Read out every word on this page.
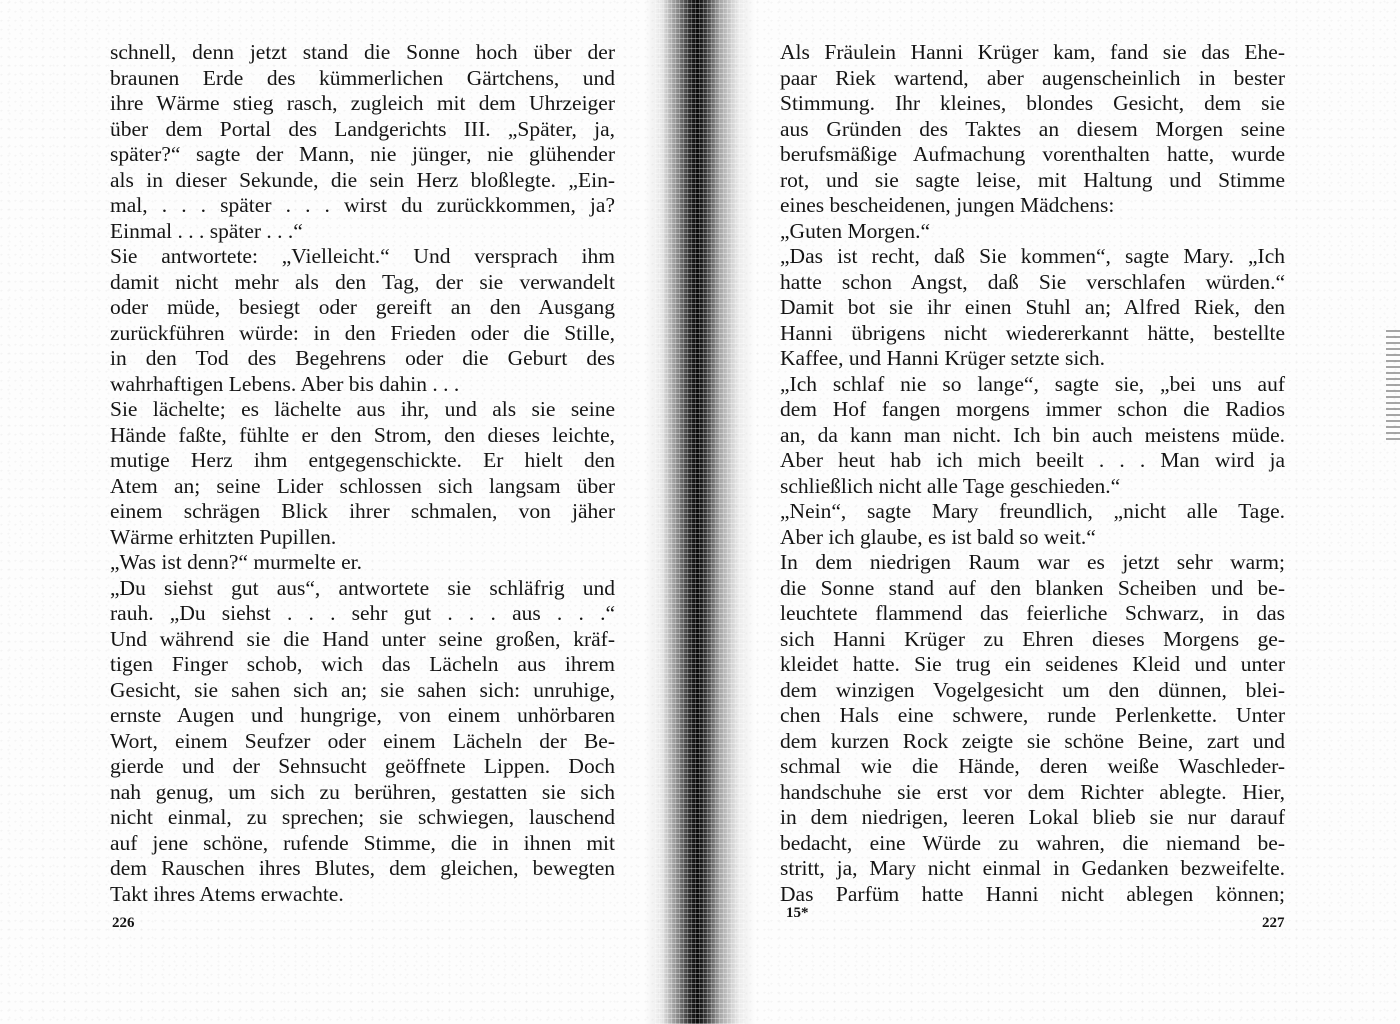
schnell, denn jetzt stand die Sonne hoch über der
braunen Erde des kümmerlichen Gärtchens, und
ihre Wärme stieg rasch, zugleich mit dem Uhrzeiger
über dem Portal des Landgerichts III. „Später, ja,
später?“ sagte der Mann, nie jünger, nie glühender
als in dieser Sekunde, die sein Herz bloßlegte. „Ein-
mal, . . . später . . . wirst du zurückkommen, ja?
Einmal . . . später . . .“
Sie antwortete: „Vielleicht.“ Und versprach ihm
damit nicht mehr als den Tag, der sie verwandelt
oder müde, besiegt oder gereift an den Ausgang
zurückführen würde: in den Frieden oder die Stille,
in den Tod des Begehrens oder die Geburt des
wahrhaftigen Lebens. Aber bis dahin . . .
Sie lächelte; es lächelte aus ihr, und als sie seine
Hände faßte, fühlte er den Strom, den dieses leichte,
mutige Herz ihm entgegenschickte. Er hielt den
Atem an; seine Lider schlossen sich langsam über
einem schrägen Blick ihrer schmalen, von jäher
Wärme erhitzten Pupillen.
„Was ist denn?“ murmelte er.
„Du siehst gut aus“, antwortete sie schläfrig und
rauh. „Du siehst . . . sehr gut . . . aus . . .“
Und während sie die Hand unter seine großen, kräf-
tigen Finger schob, wich das Lächeln aus ihrem
Gesicht, sie sahen sich an; sie sahen sich: unruhige,
ernste Augen und hungrige, von einem unhörbaren
Wort, einem Seufzer oder einem Lächeln der Be-
gierde und der Sehnsucht geöffnete Lippen. Doch
nah genug, um sich zu berühren, gestatten sie sich
nicht einmal, zu sprechen; sie schwiegen, lauschend
auf jene schöne, rufende Stimme, die in ihnen mit
dem Rauschen ihres Blutes, dem gleichen, bewegten
Takt ihres Atems erwachte.
Als Fräulein Hanni Krüger kam, fand sie das Ehe-
paar Riek wartend, aber augenscheinlich in bester
Stimmung. Ihr kleines, blondes Gesicht, dem sie
aus Gründen des Taktes an diesem Morgen seine
berufsmäßige Aufmachung vorenthalten hatte, wurde
rot, und sie sagte leise, mit Haltung und Stimme
eines bescheidenen, jungen Mädchens:
„Guten Morgen.“
„Das ist recht, daß Sie kommen“, sagte Mary. „Ich
hatte schon Angst, daß Sie verschlafen würden.“
Damit bot sie ihr einen Stuhl an; Alfred Riek, den
Hanni übrigens nicht wiedererkannt hätte, bestellte
Kaffee, und Hanni Krüger setzte sich.
„Ich schlaf nie so lange“, sagte sie, „bei uns auf
dem Hof fangen morgens immer schon die Radios
an, da kann man nicht. Ich bin auch meistens müde.
Aber heut hab ich mich beeilt . . . Man wird ja
schließlich nicht alle Tage geschieden.“
„Nein“, sagte Mary freundlich, „nicht alle Tage.
Aber ich glaube, es ist bald so weit.“
In dem niedrigen Raum war es jetzt sehr warm;
die Sonne stand auf den blanken Scheiben und be-
leuchtete flammend das feierliche Schwarz, in das
sich Hanni Krüger zu Ehren dieses Morgens ge-
kleidet hatte. Sie trug ein seidenes Kleid und unter
dem winzigen Vogelgesicht um den dünnen, blei-
chen Hals eine schwere, runde Perlenkette. Unter
dem kurzen Rock zeigte sie schöne Beine, zart und
schmal wie die Hände, deren weiße Waschleder-
handschuhe sie erst vor dem Richter ablegte. Hier,
in dem niedrigen, leeren Lokal blieb sie nur darauf
bedacht, eine Würde zu wahren, die niemand be-
stritt, ja, Mary nicht einmal in Gedanken bezweifelte.
Das Parfüm hatte Hanni nicht ablegen können;
226
15*
227
